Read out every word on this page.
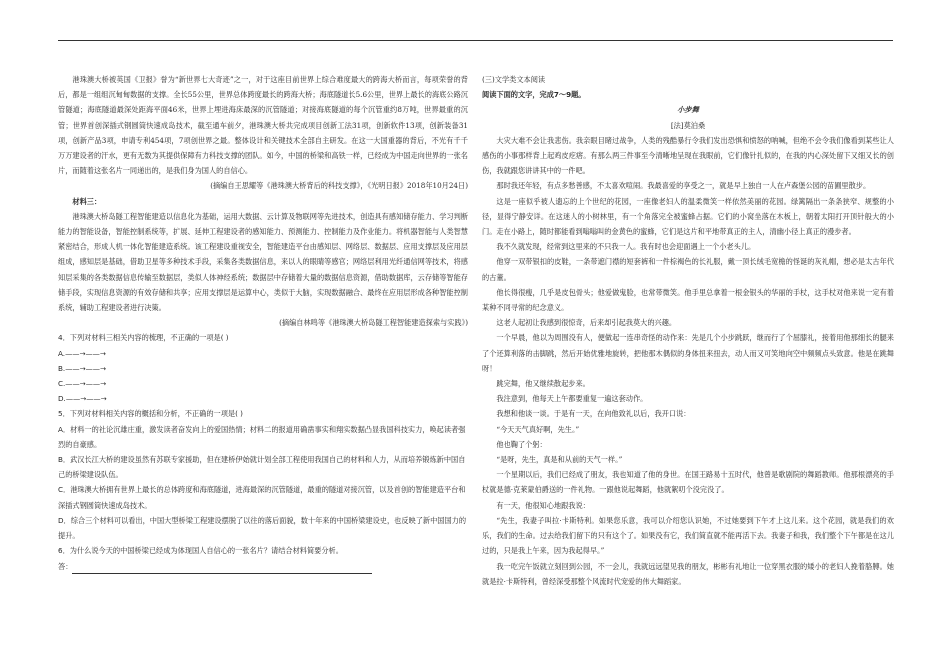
港珠澳大桥被英国《卫报》誉为“新世界七大奇迹”之一，对于这座目前世界上综合难度最大的跨海大桥而言，每项荣誉的背后，都是一组组沉甸甸数据的支撑。全长55公里，世界总体跨度最长的跨海大桥；海底隧道长5.6公里，世界上最长的海底公路沉管隧道；海底隧道最深处距海平面46米，世界上埋进海床最深的沉管隧道；对接海底隧道的每个沉管重约8万吨，世界最重的沉管；世界首创深插式钢圆筒快速成岛技术，截至通车前夕，港珠澳大桥共完成项目创新工法31项，创新软件13项，创新装备31项，创新产品3项，申请专利454项，7项创世界之最。整体设计和关键技术全部自主研发。在这一大国重器的背后，不光有千千万万建设者的汗水，更有无数为其提供保障有力科技支撑的团队。如今，中国的桥梁和高铁一样，已经成为中国走向世界的一张名片，而随着这张名片一同递出的，是我们身为国人的自信心。

(摘编自王思耀等《港珠澳大桥背后的科技支撑》，《光明日报》2018年10月24日)

材料三：

港珠澳大桥岛隧工程智能建造以信息化为基础，运用大数据、云计算及物联网等先进技术，创造具有感知储存能力、学习判断能力的智能设备，智能控制系统等，扩展、延伸工程建设者的感知能力、预测能力、控制能力及作业能力。将机器智能与人类智慧紧密结合，形成人机一体化智能建造系统。该工程建设重视安全，智能建造平台由感知层、网络层、数据层、应用支撑层及应用层组成，感知层是基础，借助卫星等多种技术手段，采集各类数据信息，来以人的眼睛等感官；网络层利用光纤通信网等技术，将感知层采集的各类数据信息传输至数据层，类似人体神经系统；数据层中存储着大量的数据信息资源，借助数据库，云存储等智能存储手段，实现信息资源的有效存储和共享；应用支撑层是运算中心，类似于大脑，实现数据融合、最终在应用层形成各种智能控制系统，辅助工程建设者进行决策。

(摘编自林鸣等《港珠澳大桥岛隧工程智能建造探索与实践》)

4．下列对材料三相关内容的梳理，不正确的一项是( )

A.——→——→

B.——→——→

C.——→——→

D.——→——→

5．下列对材料相关内容的概括和分析，不正确的一项是( )

A．材料一的社论沉雄庄重，激发读者奋发向上的爱国热情；材料二的报道用确凿事实和翔实数据凸显我国科技实力，唤起读者强烈的自豪感。

B．武汉长江大桥的建设虽然有苏联专家援助，但在建桥伊始就计划全部工程使用我国自己的材料和人力，从而培养锻炼新中国自己的桥梁建设队伍。

C．港珠澳大桥拥有世界上最长的总体跨度和海底隧道，进海最深的沉管隧道，最重的隧道对接沉管，以及首创的智能建造平台和深插式钢圆筒快速成岛技术。

D．综合三个材料可以看出，中国大型桥梁工程建设摆脱了以往的落后面貌，数十年来的中国桥梁建设史，也反映了新中国国力的提升。

6．为什么说今天的中国桥梁已经成为体现国人自信心的一张名片？请结合材料简要分析。

答：

(三)文学类文本阅读

阅读下面的文字，完成7～9题。

小步舞

[法]莫泊桑

大灾大难不会让我悲伤。我亲眼目睹过战争，人类的残酷暴行令我们发出恐惧和愤怒的呐喊，但绝不会令我们像看到某些让人感伤的小事那样背上起鸡皮疙瘩。有那么两三件事至今清晰地呈现在我眼前，它们像针扎似的，在我的内心深处留下又细又长的创伤，我就跟您讲讲其中的一件吧。

那时我还年轻，有点多愁善感，不太喜欢喧闹。我最喜爱的享受之一，就是早上独自一人在卢森堡公园的苗圃里散步。

这是一座似乎被人遗忘的上个世纪的花园，一座像老妇人的温柔微笑一样依然美丽的花园。绿篱隔出一条条狭窄、规整的小径，显得宁静安详。在这迷人的小树林里，有一个角落完全被蜜蜂占据。它们的小窝坐落在木板上，朝着太阳打开顶针般大的小门。走在小路上，随时都能看到嗡嗡叫的金黄色的蜜蜂，它们是这片和平地带真正的主人，清幽小径上真正的漫步者。

我不久就发现，经常到这里来的不只我一人。我有时也会迎面遇上一个小老头儿。

他穿一双带银扣的皮鞋，一条带遮门襟的短套裤和一件棕褐色的长礼服，戴一顶长绒毛宽檐的怪诞的灰礼帽，想必是太古年代的古董。

他长得很瘦，几乎是皮包骨头；他爱做鬼脸，也常带微笑。他手里总拿着一根金银头的华丽的手杖，这手杖对他来说一定有着某种不同寻常的纪念意义。

这老人起初让我感到很惊奇，后来却引起我莫大的兴趣。

一个早晨，他以为周围没有人，便做起一连串奇怪的动作来：先是几个小步跳跃，继而行了个屈膝礼，接着用他那细长的腿来了个还算利落的击脚跳，然后开始优雅地旋转，把他那木偶似的身体扭来扭去，动人而又可笑地向空中频频点头致意。他是在跳舞呀！

跳完舞，他又继续散起步来。

我注意到，他每天上午都要重复一遍这套动作。

我想和他谈一谈。于是有一天，在向他致礼以后，我开口说：

“今天天气真好啊，先生。”

他也鞠了个躬：

“是呀，先生，真是和从前的天气一样。”

一个星期以后，我们已经成了朋友，我也知道了他的身世。在国王路易十五时代，他曾是歌剧院的舞蹈教师。他那根漂亮的手杖就是德·克莱蒙伯爵送的一件礼物。一跟他说起舞蹈，他就絮叨个没完没了。

有一天，他很知心地跟我说：

“先生，我妻子叫拉·卡斯特利。如果您乐意，我可以介绍您认识她，不过她要到下午才上这儿来。这个花园，就是我们的欢乐，我们的生命。过去给我们留下的只有这个了。如果没有它，我们简直就不能再活下去。我妻子和我，我们整个下午都是在这儿过的，只是我上午来，因为我起得早。”

我一吃完午饭就立刻回到公园，不一会儿，我就远远望见我的朋友，彬彬有礼地让一位穿黑衣服的矮小的老妇人挽着胳膊。她就是拉·卡斯特利，曾经深受那整个风流时代宠爱的伟大舞蹈家。
